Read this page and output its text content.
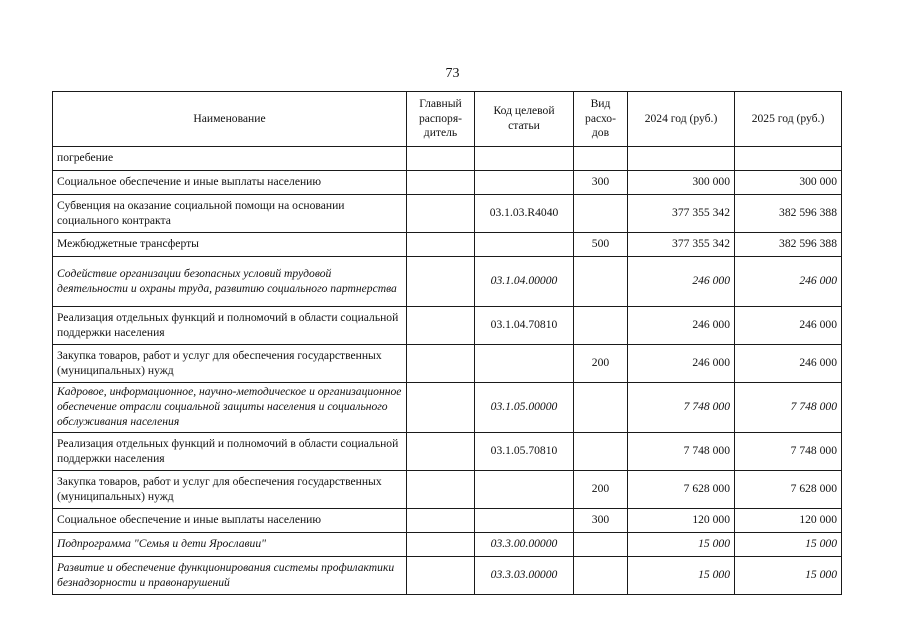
73
Наименование	Главный распоря-дитель	Код целевой статьи	Вид расхо-дов	2024 год (руб.)	2025 год (руб.)
погребение					
Социальное обеспечение и иные выплаты населению			300	300 000	300 000
Субвенция на оказание социальной помощи на основании социального контракта		03.1.03.R4040		377 355 342	382 596 388
Межбюджетные трансферты			500	377 355 342	382 596 388
Содействие организации безопасных условий трудовой деятельности и охраны труда, развитию социального партнерства		03.1.04.00000		246 000	246 000
Реализация отдельных функций и полномочий в области социальной поддержки населения		03.1.04.70810		246 000	246 000
Закупка товаров, работ и услуг для обеспечения государственных (муниципальных) нужд			200	246 000	246 000
Кадровое, информационное, научно-методическое и организационное обеспечение отрасли социальной защиты населения и социального обслуживания населения		03.1.05.00000		7 748 000	7 748 000
Реализация отдельных функций и полномочий в области социальной поддержки населения		03.1.05.70810		7 748 000	7 748 000
Закупка товаров, работ и услуг для обеспечения государственных (муниципальных) нужд			200	7 628 000	7 628 000
Социальное обеспечение и иные выплаты населению			300	120 000	120 000
Подпрограмма "Семья и дети Ярославии"		03.3.00.00000		15 000	15 000
Развитие и обеспечение функционирования системы профилактики безнадзорности и правонарушений		03.3.03.00000		15 000	15 000
